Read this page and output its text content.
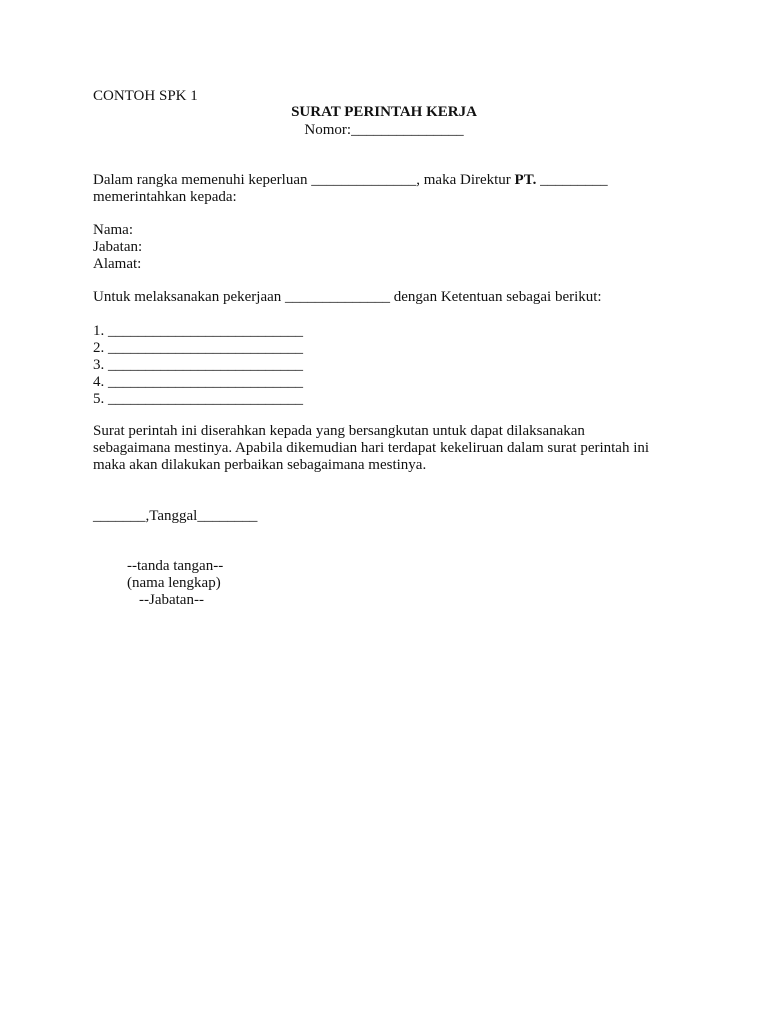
CONTOH SPK 1
SURAT PERINTAH KERJA
Nomor:_______________
Dalam rangka memenuhi keperluan ______________, maka Direktur PT. _________
memerintahkan kepada:
Nama:
Jabatan:
Alamat:
Untuk melaksanakan pekerjaan ______________ dengan Ketentuan sebagai berikut:
1. __________________________
2. __________________________
3. __________________________
4. __________________________
5. __________________________
Surat perintah ini diserahkan kepada yang bersangkutan untuk dapat dilaksanakan
sebagaimana mestinya. Apabila dikemudian hari terdapat kekeliruan dalam surat perintah ini
maka akan dilakukan perbaikan sebagaimana mestinya.
_______,Tanggal________
--tanda tangan--
(nama lengkap)
--Jabatan--
